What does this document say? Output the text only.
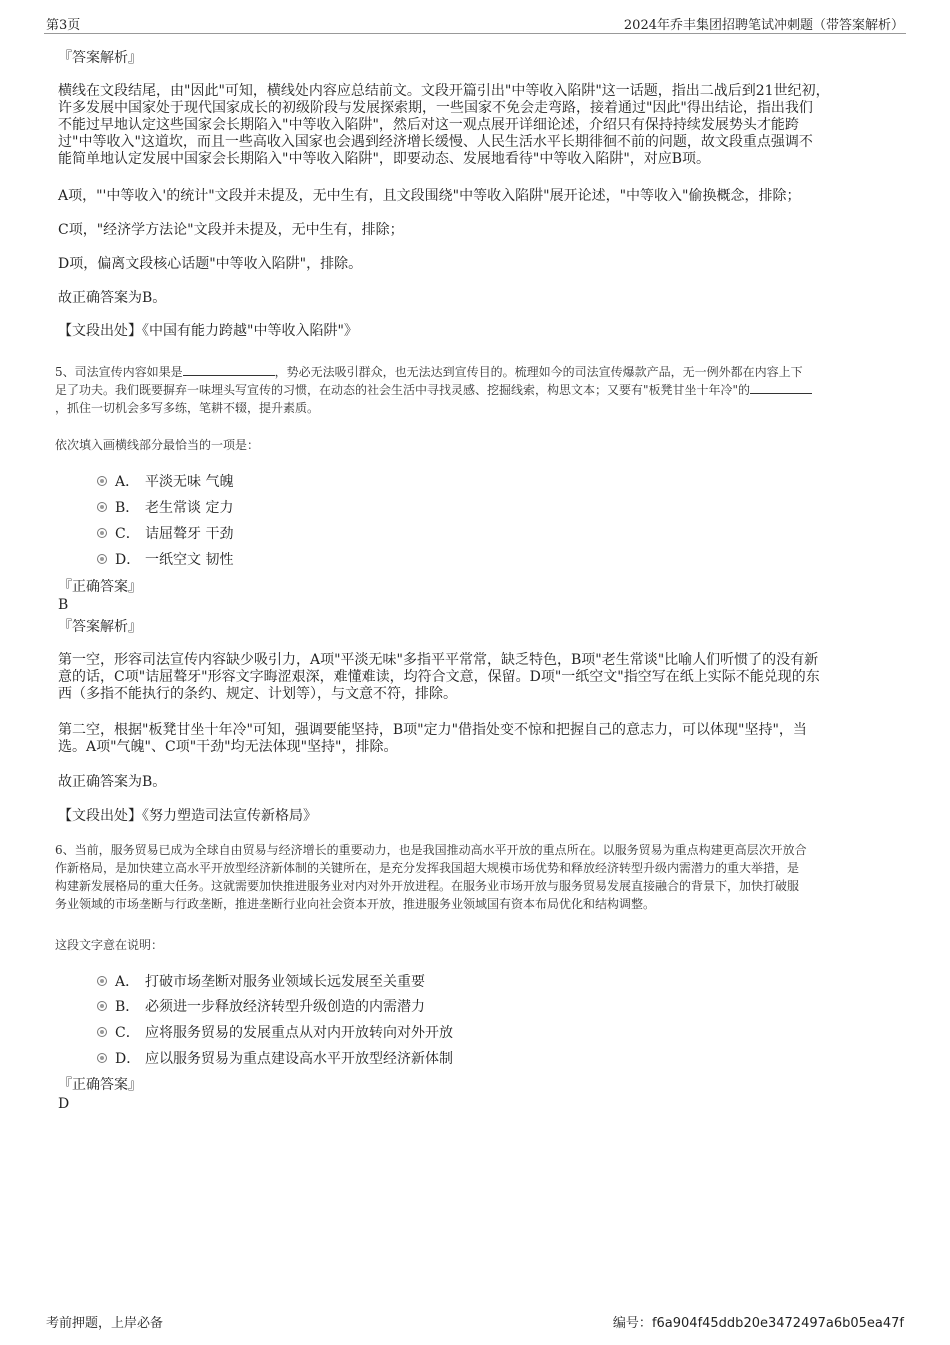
第3页	2024年乔丰集团招聘笔试冲刺题（带答案解析）
『答案解析』
横线在文段结尾，由"因此"可知，横线处内容应总结前文。文段开篇引出"中等收入陷阱"这一话题，指出二战后到21世纪初，
许多发展中国家处于现代国家成长的初级阶段与发展探索期，一些国家不免会走弯路，接着通过"因此"得出结论，指出我们
不能过早地认定这些国家会长期陷入"中等收入陷阱"，然后对这一观点展开详细论述，介绍只有保持持续发展势头才能跨
过"中等收入"这道坎，而且一些高收入国家也会遇到经济增长缓慢、人民生活水平长期徘徊不前的问题，故文段重点强调不
能简单地认定发展中国家会长期陷入"中等收入陷阱"，即要动态、发展地看待"中等收入陷阱"，对应B项。
A项，"'中等收入'的统计"文段并未提及，无中生有，且文段围绕"中等收入陷阱"展开论述，"中等收入"偷换概念，排除；
C项，"经济学方法论"文段并未提及，无中生有，排除；
D项，偏离文段核心话题"中等收入陷阱"，排除。
故正确答案为B。
【文段出处】《中国有能力跨越"中等收入陷阱"》
5、司法宣传内容如果是	，势必无法吸引群众，也无法达到宣传目的。梳理如今的司法宣传爆款产品，无一例外都在内容上下
足了功夫。我们既要摒弃一味埋头写宣传的习惯，在动态的社会生活中寻找灵感、挖掘线索，构思文本；又要有"板凳甘坐十年冷"的
，抓住一切机会多写多练，笔耕不辍，提升素质。
依次填入画横线部分最恰当的一项是：
A． 平淡无味 气魄
B． 老生常谈 定力
C． 诘屈聱牙 干劲
D． 一纸空文 韧性
『正确答案』
B
『答案解析』
第一空，形容司法宣传内容缺少吸引力，A项"平淡无味"多指平平常常，缺乏特色，B项"老生常谈"比喻人们听惯了的没有新
意的话，C项"诘屈聱牙"形容文字晦涩艰深，难懂难读，均符合文意，保留。D项"一纸空文"指空写在纸上实际不能兑现的东
西（多指不能执行的条约、规定、计划等），与文意不符，排除。
第二空，根据"板凳甘坐十年冷"可知，强调要能坚持，B项"定力"借指处变不惊和把握自己的意志力，可以体现"坚持"，当
选。A项"气魄"、C项"干劲"均无法体现"坚持"，排除。
故正确答案为B。
【文段出处】《努力塑造司法宣传新格局》
6、当前，服务贸易已成为全球自由贸易与经济增长的重要动力，也是我国推动高水平开放的重点所在。以服务贸易为重点构建更高层次开放合
作新格局，是加快建立高水平开放型经济新体制的关键所在，是充分发挥我国超大规模市场优势和释放经济转型升级内需潜力的重大举措，是
构建新发展格局的重大任务。这就需要加快推进服务业对内对外开放进程。在服务业市场开放与服务贸易发展直接融合的背景下，加快打破服
务业领域的市场垄断与行政垄断，推进垄断行业向社会资本开放，推进服务业领域国有资本布局优化和结构调整。
这段文字意在说明：
A． 打破市场垄断对服务业领域长远发展至关重要
B． 必须进一步释放经济转型升级创造的内需潜力
C． 应将服务贸易的发展重点从对内开放转向对外开放
D． 应以服务贸易为重点建设高水平开放型经济新体制
『正确答案』
D
考前押题，上岸必备	编号：f6a904f45ddb20e3472497a6b05ea47f
